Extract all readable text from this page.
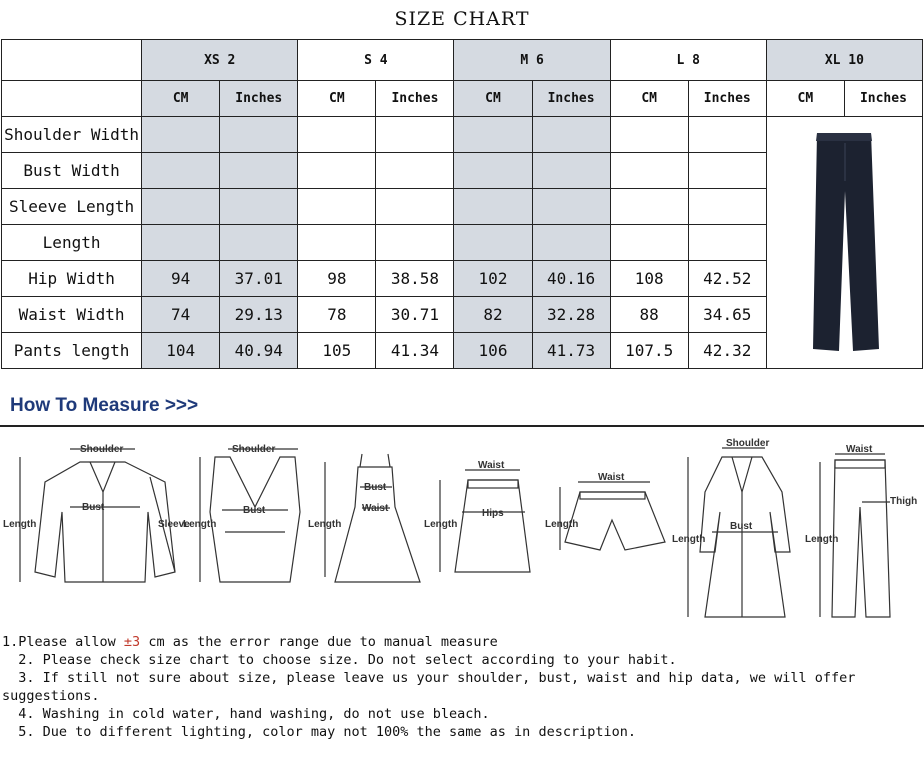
SIZE CHART
	XS 2		S 4		M 6		L 8		XL 10	
	CM	Inches	CM	Inches	CM	Inches	CM	Inches	CM	Inches
Shoulder Width									
Bust Width										
Sleeve Length										
Length										
Hip Width	94	37.01	98	38.58	102	40.16	108	42.52		
Waist Width	74	29.13	78	30.71	82	32.28	88	34.65		
Pants length	104	40.94	105	41.34	106	41.73	107.5	42.32		
How To Measure >>>
Shoulder
Bust
Sleeve
Length
Shoulder
Bust
Length
Bust
Waist
Length
Waist
Hips
Length
Waist
Length
Shoulder
Bust
Length
Waist
Thigh
Length
1.Please allow ±3 cm as the error range due to manual measure
2. Please check size chart to choose size. Do not select according to your habit.
3. If still not sure about size, please leave us your shoulder, bust, waist and hip data, we will offer suggestions.
4. Washing in cold water, hand washing, do not use bleach.
5. Due to different lighting, color may not 100% the same as in description.
